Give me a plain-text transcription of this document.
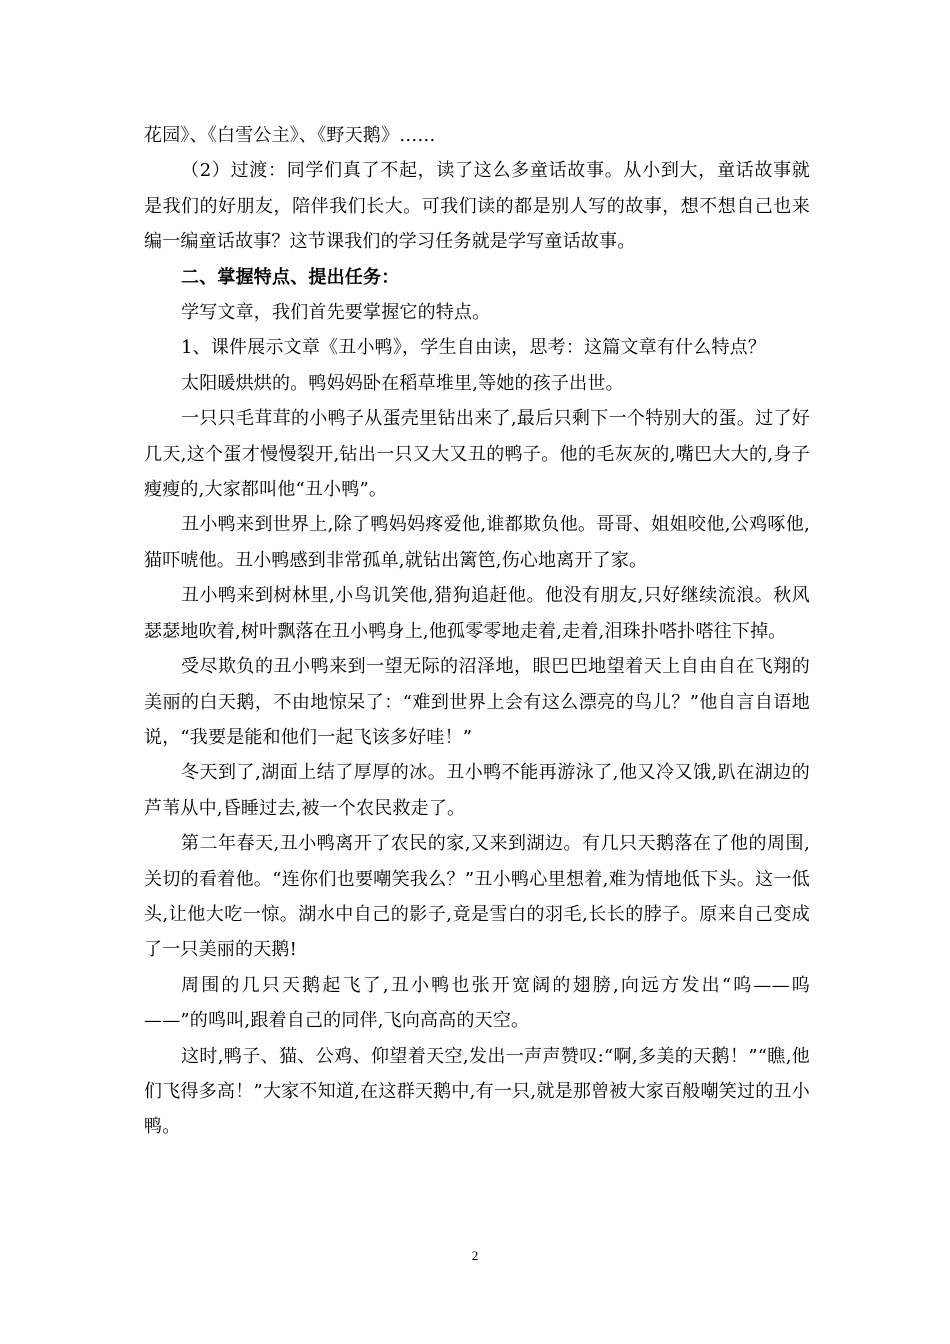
花园》、《白雪公主》、《野天鹅》……

（2）过渡：同学们真了不起，读了这么多童话故事。从小到大，童话故事就是我们的好朋友，陪伴我们长大。可我们读的都是别人写的故事，想不想自己也来编一编童话故事？这节课我们的学习任务就是学写童话故事。

二、掌握特点、提出任务：

学写文章，我们首先要掌握它的特点。

1、课件展示文章《丑小鸭》，学生自由读，思考：这篇文章有什么特点？

太阳暖烘烘的。鸭妈妈卧在稻草堆里,等她的孩子出世。

一只只毛茸茸的小鸭子从蛋壳里钻出来了,最后只剩下一个特别大的蛋。过了好几天,这个蛋才慢慢裂开,钻出一只又大又丑的鸭子。他的毛灰灰的,嘴巴大大的,身子瘦瘦的,大家都叫他“丑小鸭”。

丑小鸭来到世界上,除了鸭妈妈疼爱他,谁都欺负他。哥哥、姐姐咬他,公鸡啄他,猫吓唬他。丑小鸭感到非常孤单,就钻出篱笆,伤心地离开了家。

丑小鸭来到树林里,小鸟讥笑他,猎狗追赶他。他没有朋友,只好继续流浪。秋风瑟瑟地吹着,树叶飘落在丑小鸭身上,他孤零零地走着,走着,泪珠扑嗒扑嗒往下掉。

受尽欺负的丑小鸭来到一望无际的沼泽地，眼巴巴地望着天上自由自在飞翔的美丽的白天鹅，不由地惊呆了：“难到世界上会有这么漂亮的鸟儿？”他自言自语地说，“我要是能和他们一起飞该多好哇！”

冬天到了,湖面上结了厚厚的冰。丑小鸭不能再游泳了,他又冷又饿,趴在湖边的芦苇从中,昏睡过去,被一个农民救走了。

第二年春天,丑小鸭离开了农民的家,又来到湖边。有几只天鹅落在了他的周围,关切的看着他。“连你们也要嘲笑我么？”丑小鸭心里想着,难为情地低下头。这一低头,让他大吃一惊。湖水中自己的影子,竟是雪白的羽毛,长长的脖子。原来自己变成了一只美丽的天鹅!

周围的几只天鹅起飞了,丑小鸭也张开宽阔的翅膀,向远方发出“呜——呜——”的鸣叫,跟着自己的同伴,飞向高高的天空。

这时,鸭子、猫、公鸡、仰望着天空,发出一声声赞叹:“啊,多美的天鹅！”“瞧,他们飞得多高！”大家不知道,在这群天鹅中,有一只,就是那曾被大家百般嘲笑过的丑小鸭。

2
